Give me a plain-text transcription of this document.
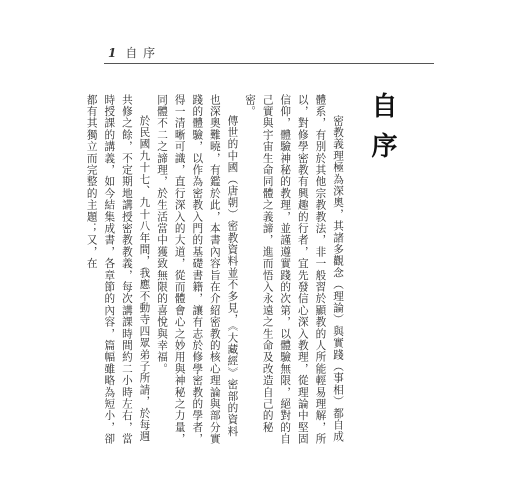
1 自 序
自序

密教義理極為深奧，其諸多觀念（理論）與實踐（事相）都自成體系，有別於其他宗教教法，非一般習於顯教的人所能輕易理解，所以，對修學密教有興趣的行者，宜先發信心深入教理，從理論中堅固信仰，體驗神秘的教理，並謹遵實踐的次第，以體驗無限，絕對的自己實與宇宙生命同體之義諦，進而悟入永遠之生命及改造自己的秘密。

傳世的中國（唐朝）密教資料並不多見，《大藏經》密部的資料也深奧難曉，有鑑於此，本書內容旨在介紹密教的核心理論與部分實踐的體驗，以作為密教入門的基礎書籍，讓有志於修學密教的學者，得一清晰可識，直行深入的大道，從而體會心之妙用與神秘之力量，同體不二之諦理，於生活當中獲致無限的喜悅與幸福。

於民國九十七、九十八年間，我應不動寺四眾弟子所請，於每週共修之餘，不定期地講授密教教義，每次講課時間約二小時左右，當時授課的講義，如今結集成書，各章節的內容，篇幅雖略為短小，卻都有其獨立而完整的主題；又，在
